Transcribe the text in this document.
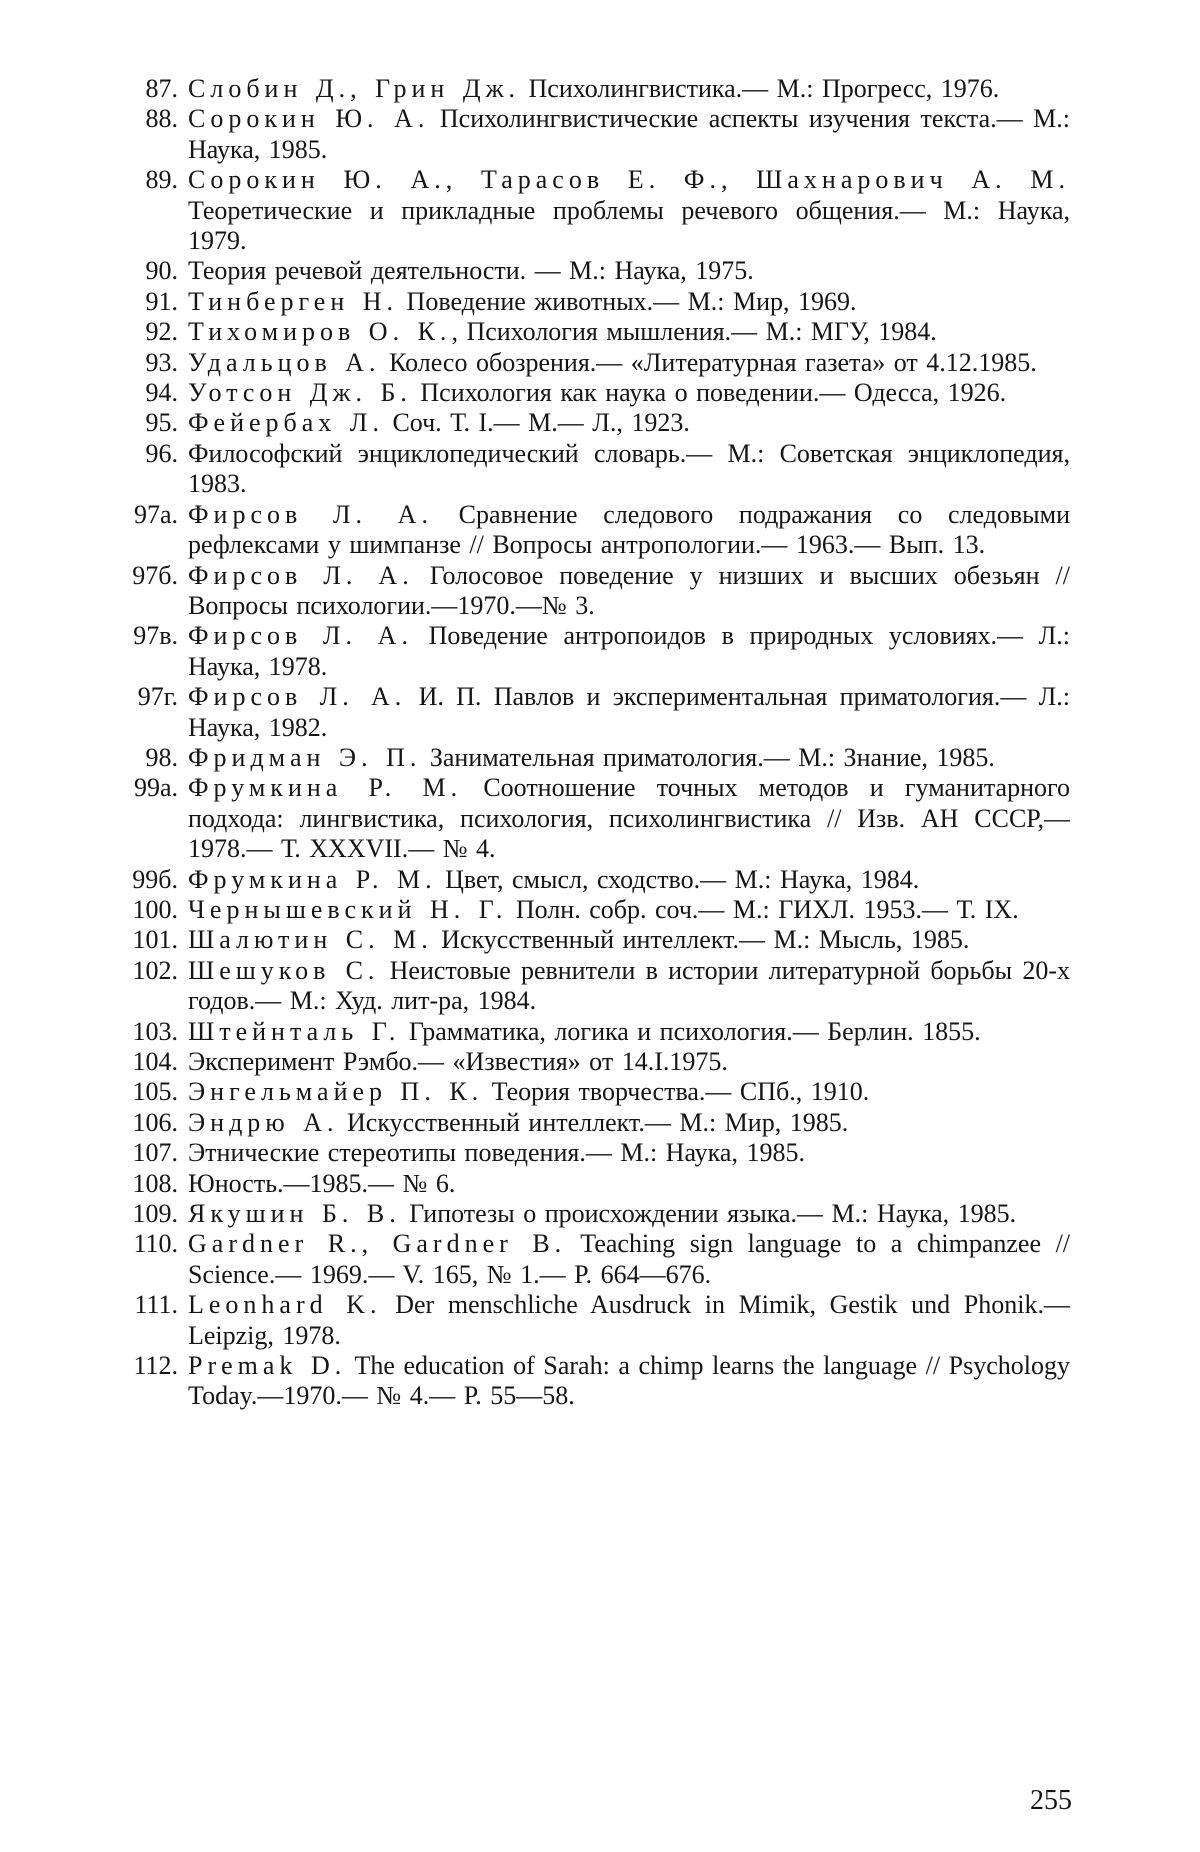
87. Слобин Д., Грин Дж. Психолингвистика.— М.: Прогресс, 1976.
88. Сорокин Ю. А. Психолингвистические аспекты изучения текста.— М.: Наука, 1985.
89. Сорокин Ю. А., Тарасов Е. Ф., Шахнарович А. М. Теоретические и прикладные проблемы речевого общения.— М.: Наука, 1979.
90. Теория речевой деятельности. — М.: Наука, 1975.
91. Тинберген Н. Поведение животных.— М.: Мир, 1969.
92. Тихомиров О. К., Психология мышления.— М.: МГУ, 1984.
93. Удальцов А. Колесо обозрения.— «Литературная газета» от 4.12.1985.
94. Уотсон Дж. Б. Психология как наука о поведении.— Одесса, 1926.
95. Фейербах Л. Соч. Т. I.— М.— Л., 1923.
96. Философский энциклопедический словарь.— М.: Советская энциклопедия, 1983.
97а. Фирсов Л. А. Сравнение следового подражания со следовыми рефлексами у шимпанзе // Вопросы антропологии.— 1963.— Вып. 13.
97б. Фирсов Л. А. Голосовое поведение у низших и высших обезьян // Вопросы психологии.—1970.—№ 3.
97в. Фирсов Л. А. Поведение антропоидов в природных условиях.— Л.: Наука, 1978.
97г. Фирсов Л. А. И. П. Павлов и экспериментальная приматология.— Л.: Наука, 1982.
98. Фридман Э. П. Занимательная приматология.— М.: Знание, 1985.
99а. Фрумкина Р. М. Соотношение точных методов и гуманитарного подхода: лингвистика, психология, психолингвистика // Изв. АН СССР,—1978.— Т. XXXVII.— № 4.
99б. Фрумкина Р. М. Цвет, смысл, сходство.— М.: Наука, 1984.
100. Чернышевский Н. Г. Полн. собр. соч.— М.: ГИХЛ. 1953.— Т. IX.
101. Шалютин С. М. Искусственный интеллект.— М.: Мысль, 1985.
102. Шешуков С. Неистовые ревнители в истории литературной борьбы 20-х годов.— М.: Худ. лит-ра, 1984.
103. Штейнталь Г. Грамматика, логика и психология.— Берлин. 1855.
104. Эксперимент Рэмбо.— «Известия» от 14.I.1975.
105. Энгельмайер П. К. Теория творчества.— СПб., 1910.
106. Эндрю А. Искусственный интеллект.— М.: Мир, 1985.
107. Этнические стереотипы поведения.— М.: Наука, 1985.
108. Юность.—1985.— № 6.
109. Якушин Б. В. Гипотезы о происхождении языка.— М.: Наука, 1985.
110. Gardner R., Gardner B. Teaching sign language to a chimpanzee // Science.— 1969.— V. 165, № 1.— P. 664—676.
111. Leonhard K. Der menschliche Ausdruck in Mimik, Gestik und Phonik.— Leipzig, 1978.
112. Premak D. The education of Sarah: a chimp learns the language // Psychology Today.—1970.— № 4.— P. 55—58.
255
